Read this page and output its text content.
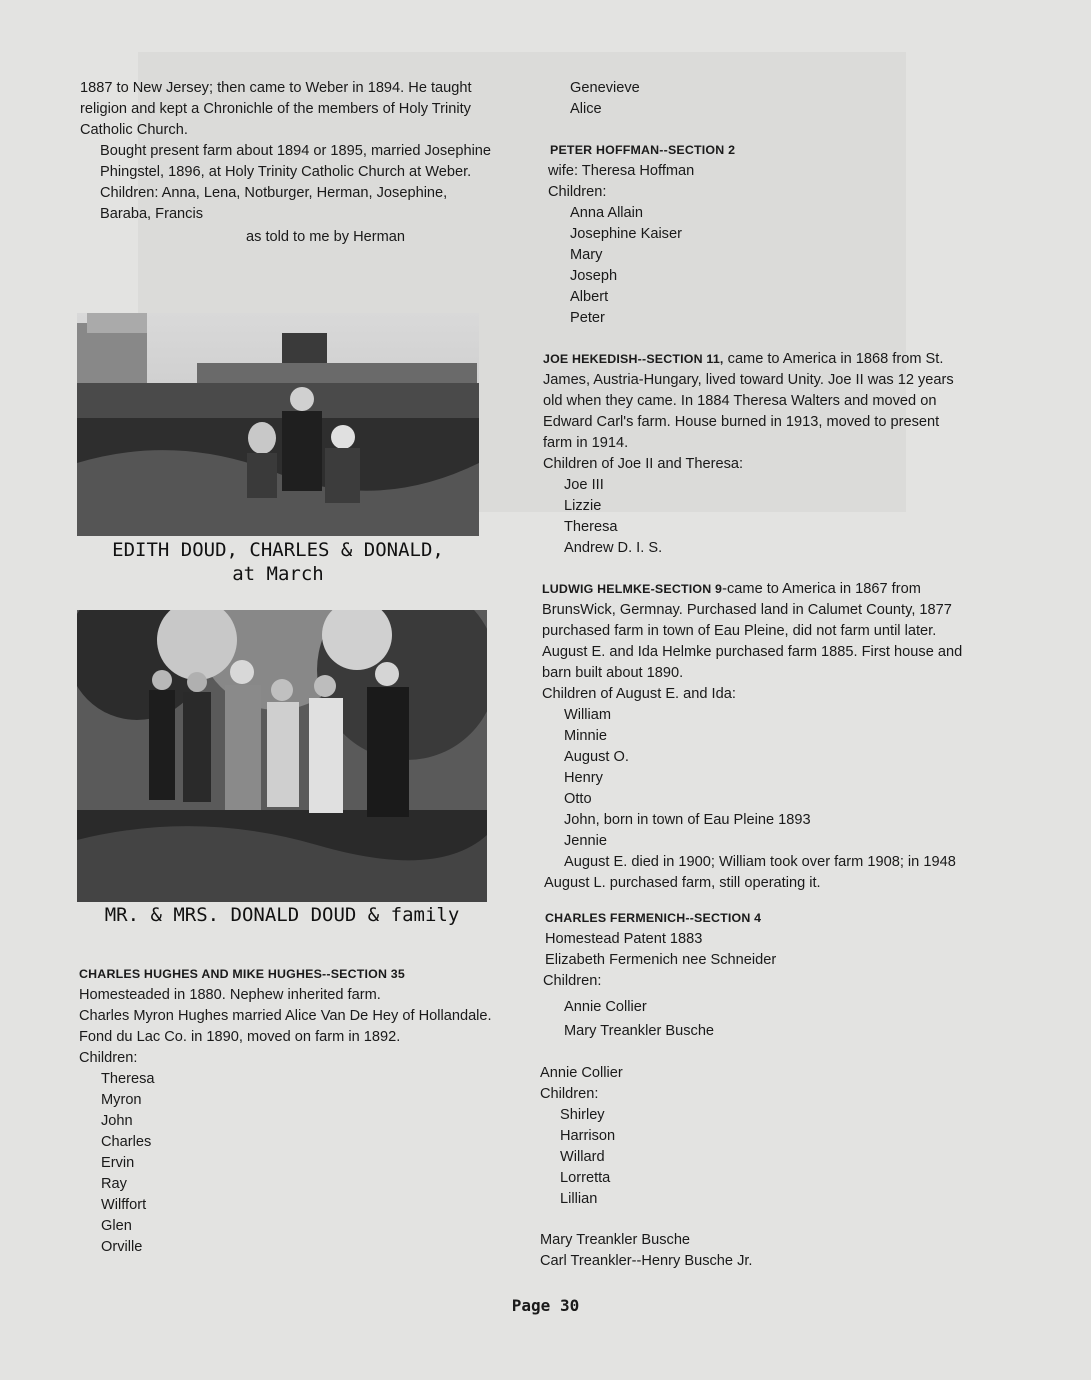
1887 to New Jersey; then came to Weber in 1894. He taught religion and kept a Chronichle of the members of Holy Trinity Catholic Church.

Bought present farm about 1894 or 1895, married Josephine Phingstel, 1896, at Holy Trinity Catholic Church at Weber.

Children: Anna, Lena, Notburger, Herman, Josephine, Baraba, Francis

as told to me by Herman

EDITH DOUD, CHARLES & DONALD,
at March
MR. & MRS. DONALD DOUD & family

CHARLES HUGHES AND MIKE HUGHES--SECTION 35

Homesteaded in 1880. Nephew inherited farm.

Charles Myron Hughes married Alice Van De Hey of Hollandale. Fond du Lac Co. in 1890, moved on farm in 1892.

Children:

Theresa

Myron

John

Charles

Ervin

Ray

Wilffort

Glen

Orville

Genevieve

Alice

PETER HOFFMAN--SECTION 2

wife: Theresa Hoffman

Children:

Anna Allain

Josephine Kaiser

Mary

Joseph

Albert

Peter

JOE HEKEDISH--SECTION 11, came to America in 1868 from St. James, Austria-Hungary, lived toward Unity. Joe II was 12 years old when they came. In 1884 Theresa Walters and moved on Edward Carl's farm. House burned in 1913, moved to present farm in 1914.

Children of Joe II and Theresa:

Joe III

Lizzie

Theresa

Andrew D. I. S.

LUDWIG HELMKE-SECTION 9-came to America in 1867 from BrunsWick, Germnay. Purchased land in Calumet County, 1877 purchased farm in town of Eau Pleine, did not farm until later. August E. and Ida Helmke purchased farm 1885. First house and barn built about 1890.

Children of August E. and Ida:

William

Minnie

August O.

Henry

Otto

John, born in town of Eau Pleine 1893

Jennie

August E. died in 1900; William took over farm 1908; in 1948 August L. purchased farm, still operating it.

CHARLES FERMENICH--SECTION 4

Homestead Patent 1883

Elizabeth Fermenich nee Schneider

Children:

Annie Collier

Mary Treankler Busche

Annie Collier

Children:

Shirley

Harrison

Willard

Lorretta

Lillian

Mary Treankler Busche

Carl Treankler--Henry Busche Jr.

Page 30
